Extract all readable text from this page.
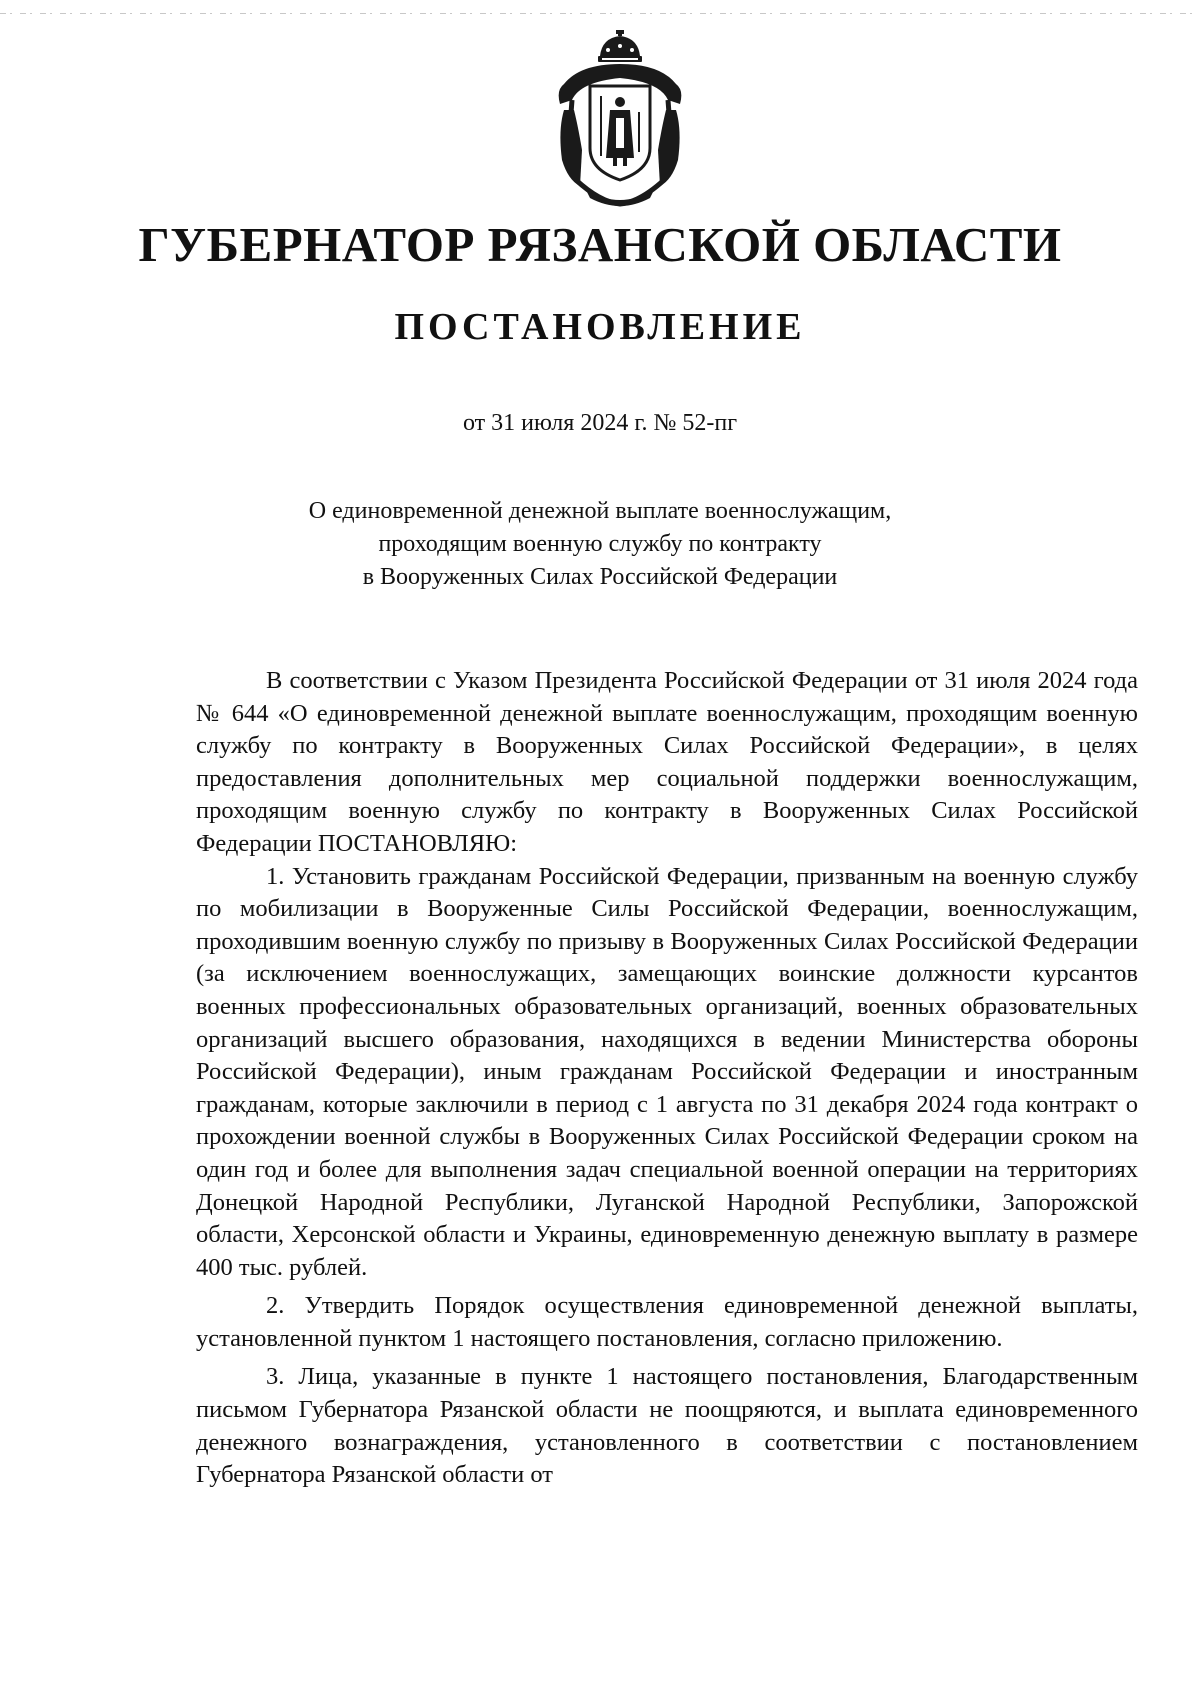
ГУБЕРНАТОР РЯЗАНСКОЙ ОБЛАСТИ
ПОСТАНОВЛЕНИЕ
от 31 июля 2024 г. № 52-пг
О единовременной денежной выплате военнослужащим,
проходящим военную службу по контракту
в Вооруженных Силах Российской Федерации

В соответствии с Указом Президента Российской Федерации от 31 июля 2024 года № 644 «О единовременной денежной выплате военнослужащим, проходящим военную службу по контракту в Вооруженных Силах Российской Федерации», в целях предоставления дополнительных мер социальной поддержки военнослужащим, проходящим военную службу по контракту в Вооруженных Силах Российской Федерации ПОСТАНОВЛЯЮ:

1. Установить гражданам Российской Федерации, призванным на военную службу по мобилизации в Вооруженные Силы Российской Федерации, военнослужащим, проходившим военную службу по призыву в Вооруженных Силах Российской Федерации (за исключением военнослужащих, замещающих воинские должности курсантов военных профессиональных образовательных организаций, военных образовательных организаций высшего образования, находящихся в ведении Министерства обороны Российской Федерации), иным гражданам Российской Федерации и иностранным гражданам, которые заключили в период с 1 августа по 31 декабря 2024 года контракт о прохождении военной службы в Вооруженных Силах Российской Федерации сроком на один год и более для выполнения задач специальной военной операции на территориях Донецкой Народной Республики, Луганской Народной Республики, Запорожской области, Херсонской области и Украины, единовременную денежную выплату в размере 400 тыс. рублей.

2. Утвердить Порядок осуществления единовременной денежной выплаты, установленной пунктом 1 настоящего постановления, согласно приложению.

3. Лица, указанные в пункте 1 настоящего постановления, Благодарственным письмом Губернатора Рязанской области не поощряются, и выплата единовременного денежного вознаграждения, установленного в соответствии с постановлением Губернатора Рязанской области от
